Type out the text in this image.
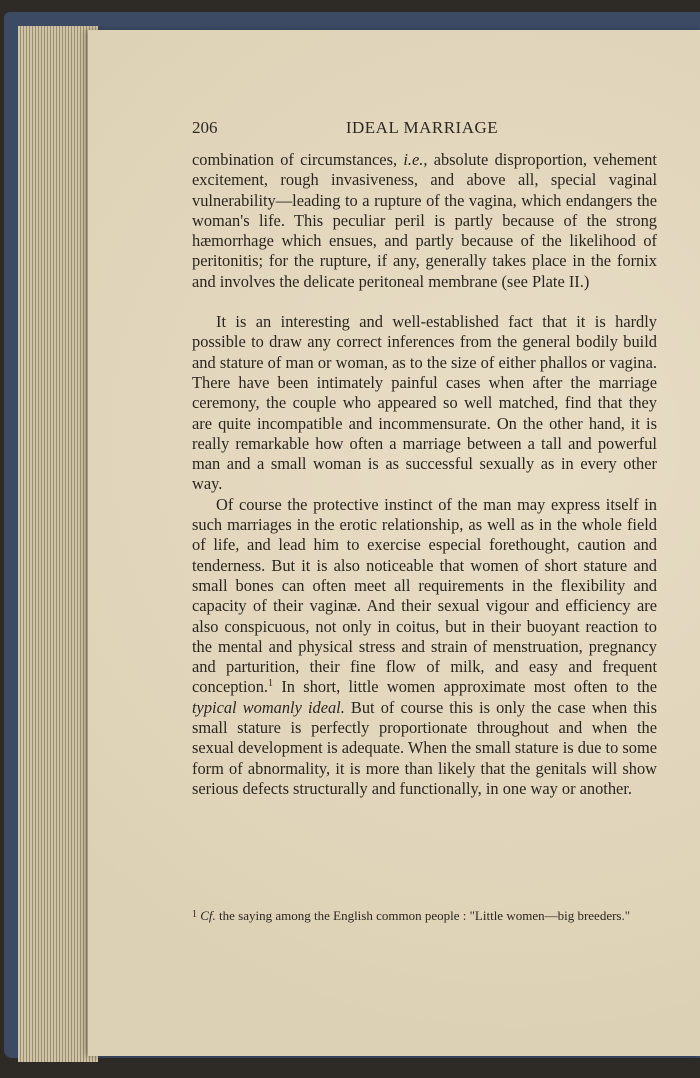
206	IDEAL MARRIAGE

combination of circumstances, i.e., absolute disproportion, vehement excitement, rough invasiveness, and above all, special vaginal vulnerability—leading to a rupture of the vagina, which endangers the woman's life. This peculiar peril is partly because of the strong hæmorrhage which ensues, and partly because of the likelihood of peritonitis; for the rupture, if any, generally takes place in the fornix and involves the delicate peritoneal membrane (see Plate II.)

It is an interesting and well-established fact that it is hardly possible to draw any correct inferences from the general bodily build and stature of man or woman, as to the size of either phallos or vagina. There have been intimately painful cases when after the marriage ceremony, the couple who appeared so well matched, find that they are quite incompatible and incommensurate. On the other hand, it is really remarkable how often a marriage between a tall and powerful man and a small woman is as successful sexually as in every other way.

Of course the protective instinct of the man may express itself in such marriages in the erotic relationship, as well as in the whole field of life, and lead him to exercise especial forethought, caution and tenderness. But it is also noticeable that women of short stature and small bones can often meet all requirements in the flexibility and capacity of their vaginæ. And their sexual vigour and efficiency are also conspicuous, not only in coitus, but in their buoyant reaction to the mental and physical stress and strain of menstruation, pregnancy and parturition, their fine flow of milk, and easy and frequent conception.$^1$ In short, little women approximate most often to the typical womanly ideal. But of course this is only the case when this small stature is perfectly proportionate throughout and when the sexual development is adequate. When the small stature is due to some form of abnormality, it is more than likely that the genitals will show serious defects structurally and functionally, in one way or another.

$^1$ Cf. the saying among the English common people : "Little women—big breeders."
